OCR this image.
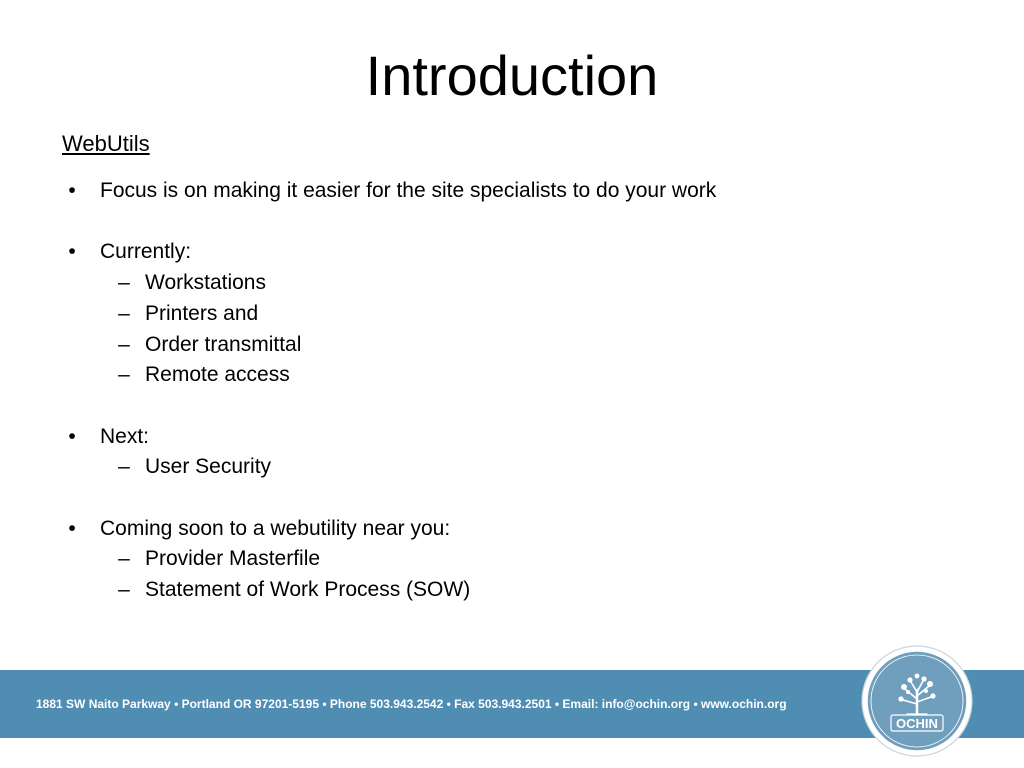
Introduction
WebUtils
•	Focus is on making it easier for the site specialists to do your work
•	Currently:
– Workstations
– Printers and
– Order transmittal
– Remote access
•	Next:
– User Security
•	Coming soon to a webutility near you:
– Provider Masterfile
– Statement of Work Process (SOW)
1881 SW Naito Parkway • Portland OR 97201-5195 • Phone 503.943.2542 • Fax 503.943.2501 • Email: info@ochin.org • www.ochin.org
OCHIN
